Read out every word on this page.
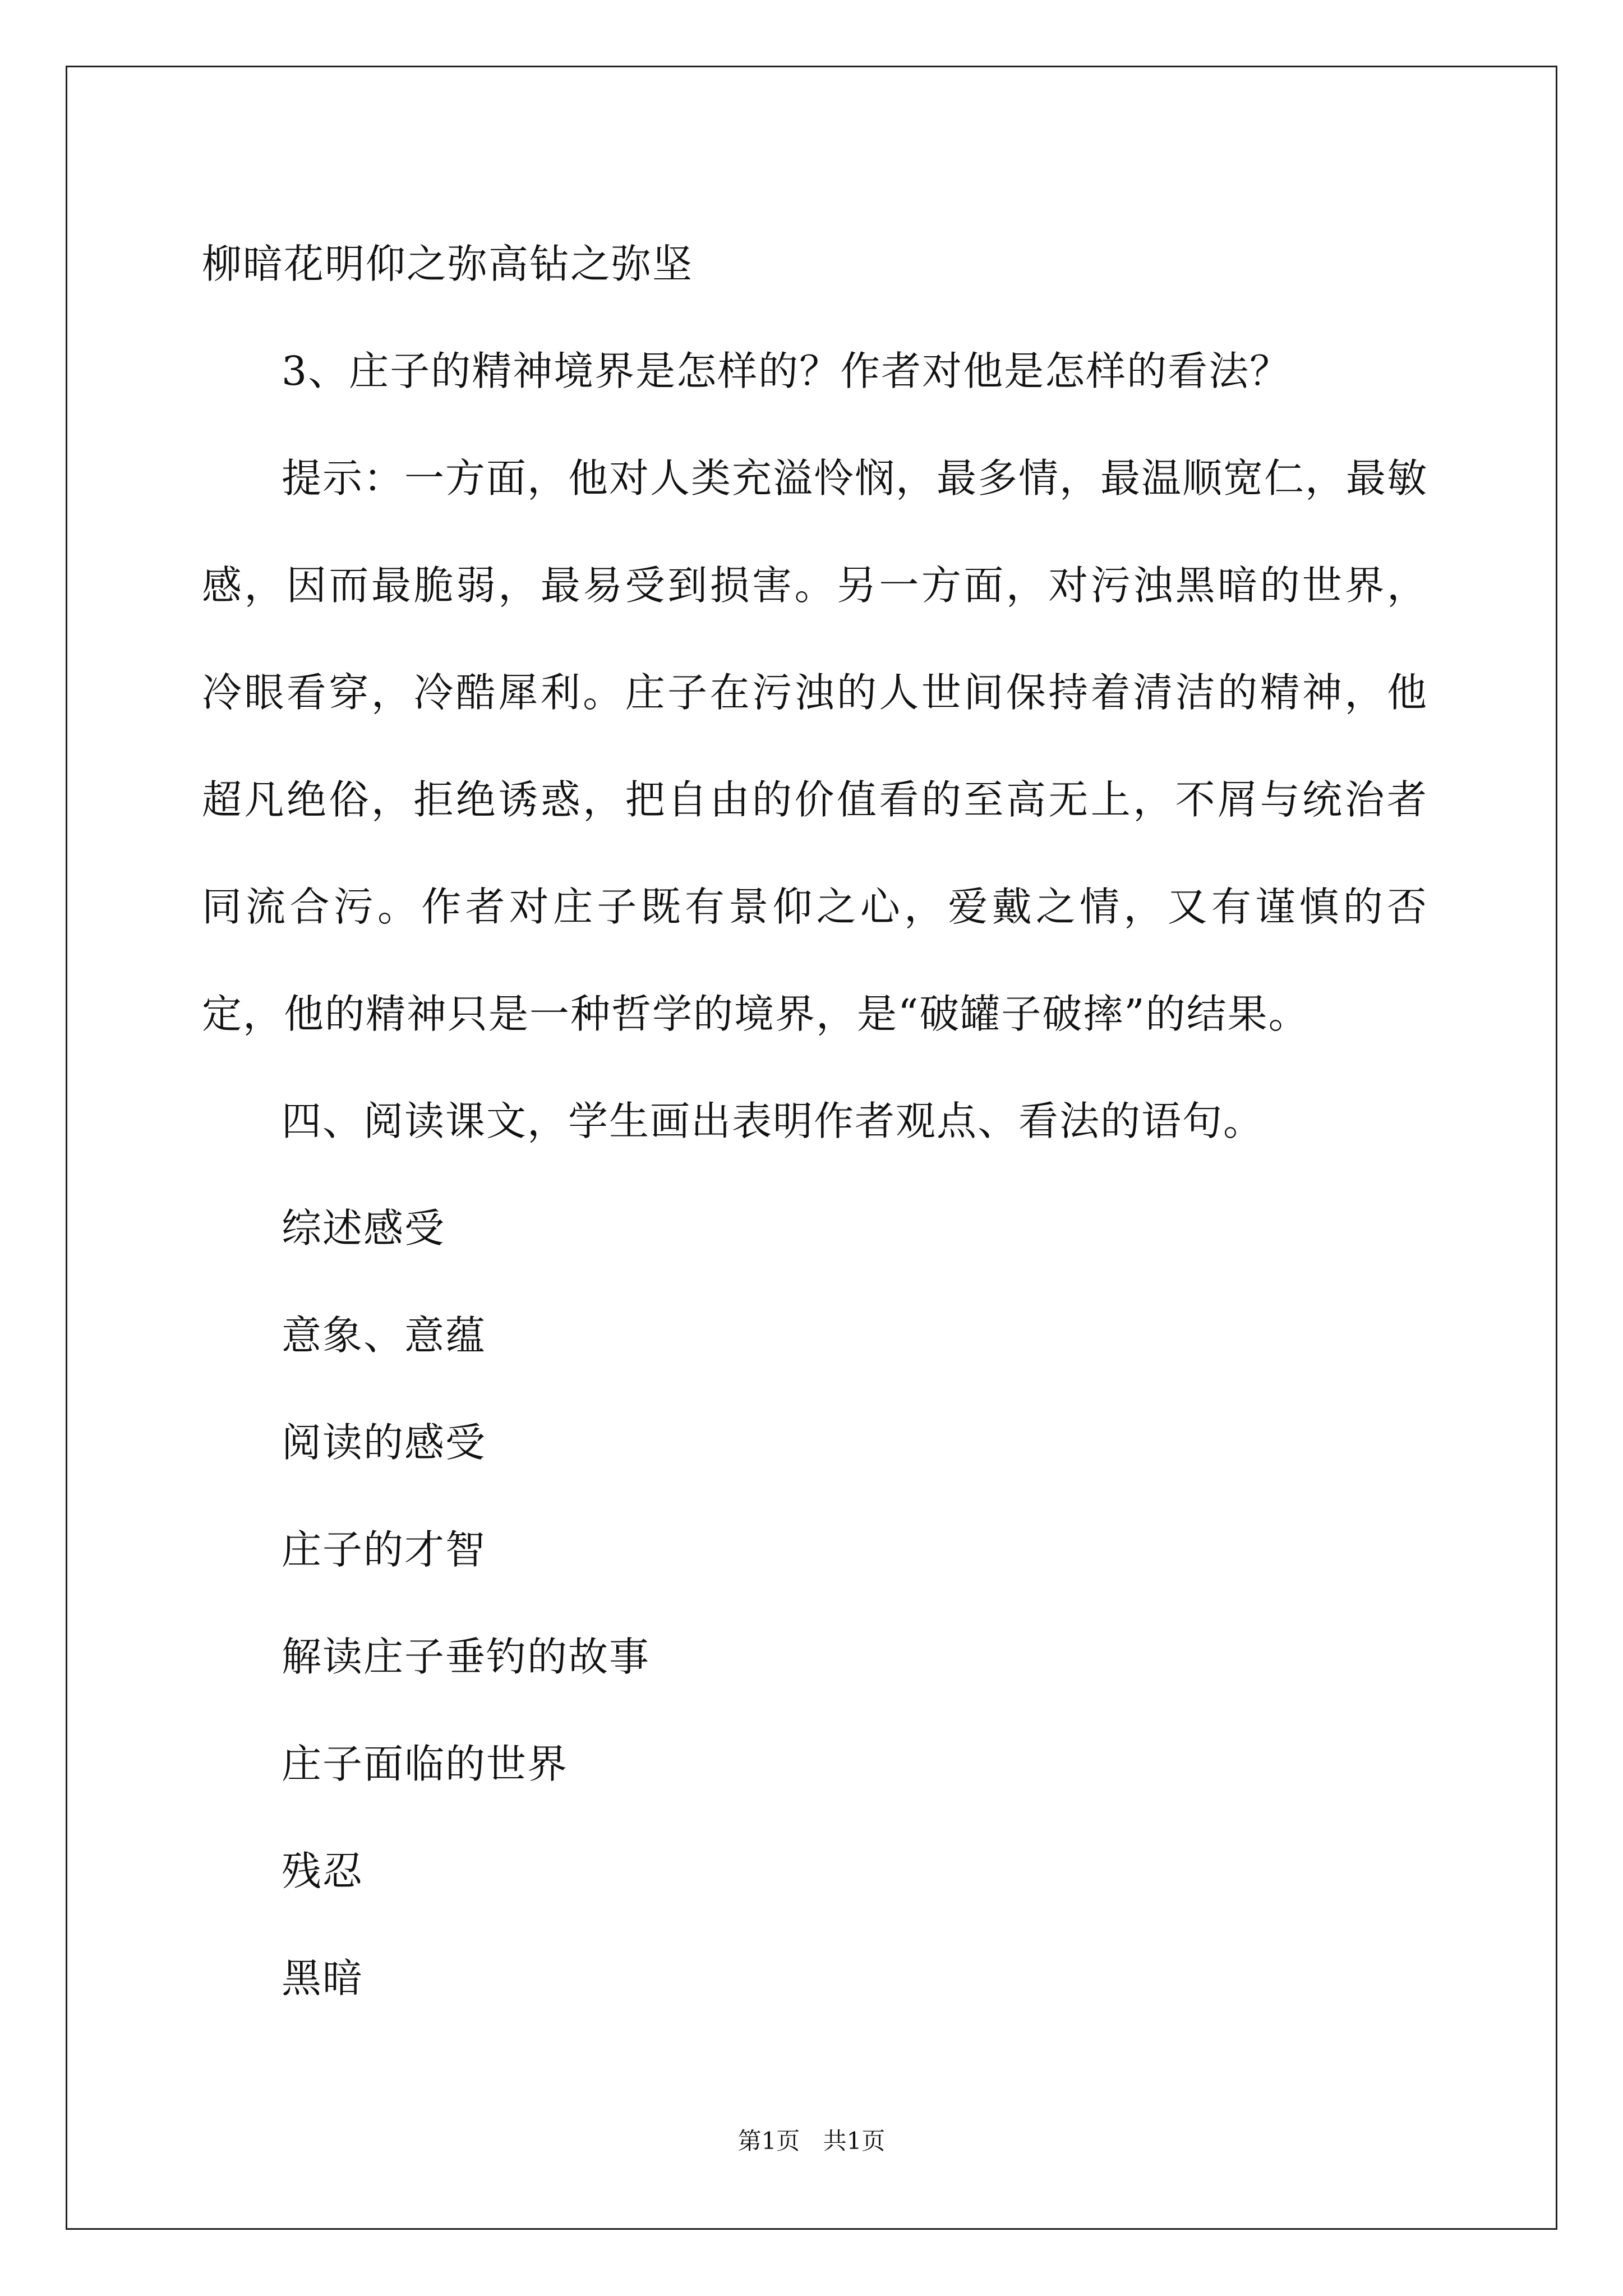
柳暗花明仰之弥高钻之弥坚

3、庄子的精神境界是怎样的？作者对他是怎样的看法？

提示：一方面，他对人类充溢怜悯，最多情，最温顺宽仁，最敏感，因而最脆弱，最易受到损害。另一方面，对污浊黑暗的世界，冷眼看穿，冷酷犀利。庄子在污浊的人世间保持着清洁的精神，他超凡绝俗，拒绝诱惑，把自由的价值看的至高无上，不屑与统治者同流合污。作者对庄子既有景仰之心，爱戴之情，又有谨慎的否定，他的精神只是一种哲学的境界，是“破罐子破摔”的结果。

四、阅读课文，学生画出表明作者观点、看法的语句。

综述感受

意象、意蕴

阅读的感受

庄子的才智

解读庄子垂钓的故事

庄子面临的世界

残忍

黑暗

第1页 共1页
